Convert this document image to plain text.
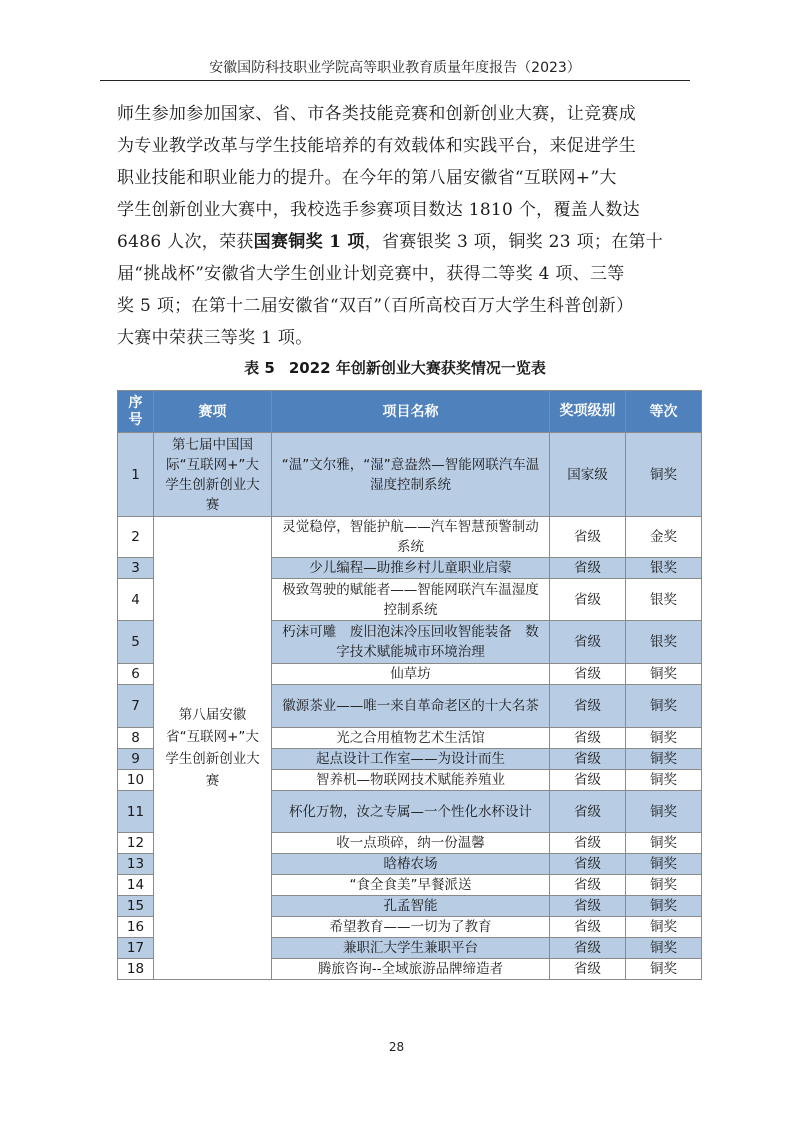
安徽国防科技职业学院高等职业教育质量年度报告（2023）
师生参加参加国家、省、市各类技能竞赛和创新创业大赛，让竞赛成
为专业教学改革与学生技能培养的有效载体和实践平台，来促进学生
职业技能和职业能力的提升。在今年的第八届安徽省“互联网+”大
学生创新创业大赛中，我校选手参赛项目数达 1810 个，覆盖人数达
6486 人次，荣获国赛铜奖 1 项，省赛银奖 3 项，铜奖 23 项；在第十
届“挑战杯”安徽省大学生创业计划竞赛中，获得二等奖 4 项、三等
奖 5 项；在第十二届安徽省“双百”（百所高校百万大学生科普创新）
大赛中荣获三等奖 1 项。
表 5 2022 年创新创业大赛获奖情况一览表
序号	赛项	项目名称	奖项级别	等次
1	第七届中国国际“互联网+”大学生创新创业大赛	“温”文尔雅，“湿”意盎然—智能网联汽车温湿度控制系统	国家级	铜奖
2	第八届安徽省“互联网+”大学生创新创业大赛	灵觉稳停，智能护航——汽车智慧预警制动系统	省级	金奖
3		少儿编程—助推乡村儿童职业启蒙	省级	银奖
4		极致驾驶的赋能者——智能网联汽车温湿度控制系统	省级	银奖
5		朽沫可雕　废旧泡沫冷压回收智能装备　数字技术赋能城市环境治理	省级	银奖
6		仙草坊	省级	铜奖
7		徽源茶业——唯一来自革命老区的十大名茶	省级	铜奖
8		光之合用植物艺术生活馆	省级	铜奖
9		起点设计工作室——为设计而生	省级	铜奖
10		智养机—物联网技术赋能养殖业	省级	铜奖
11		杯化万物，汝之专属—一个性化水杯设计	省级	铜奖
12		收一点琐碎，纳一份温馨	省级	铜奖
13		晗椿农场	省级	铜奖
14		“食全食美”早餐派送	省级	铜奖
15		孔孟智能	省级	铜奖
16		希望教育——一切为了教育	省级	铜奖
17		兼职汇大学生兼职平台	省级	铜奖
18		腾旅咨询--全域旅游品牌缔造者	省级	铜奖
28
